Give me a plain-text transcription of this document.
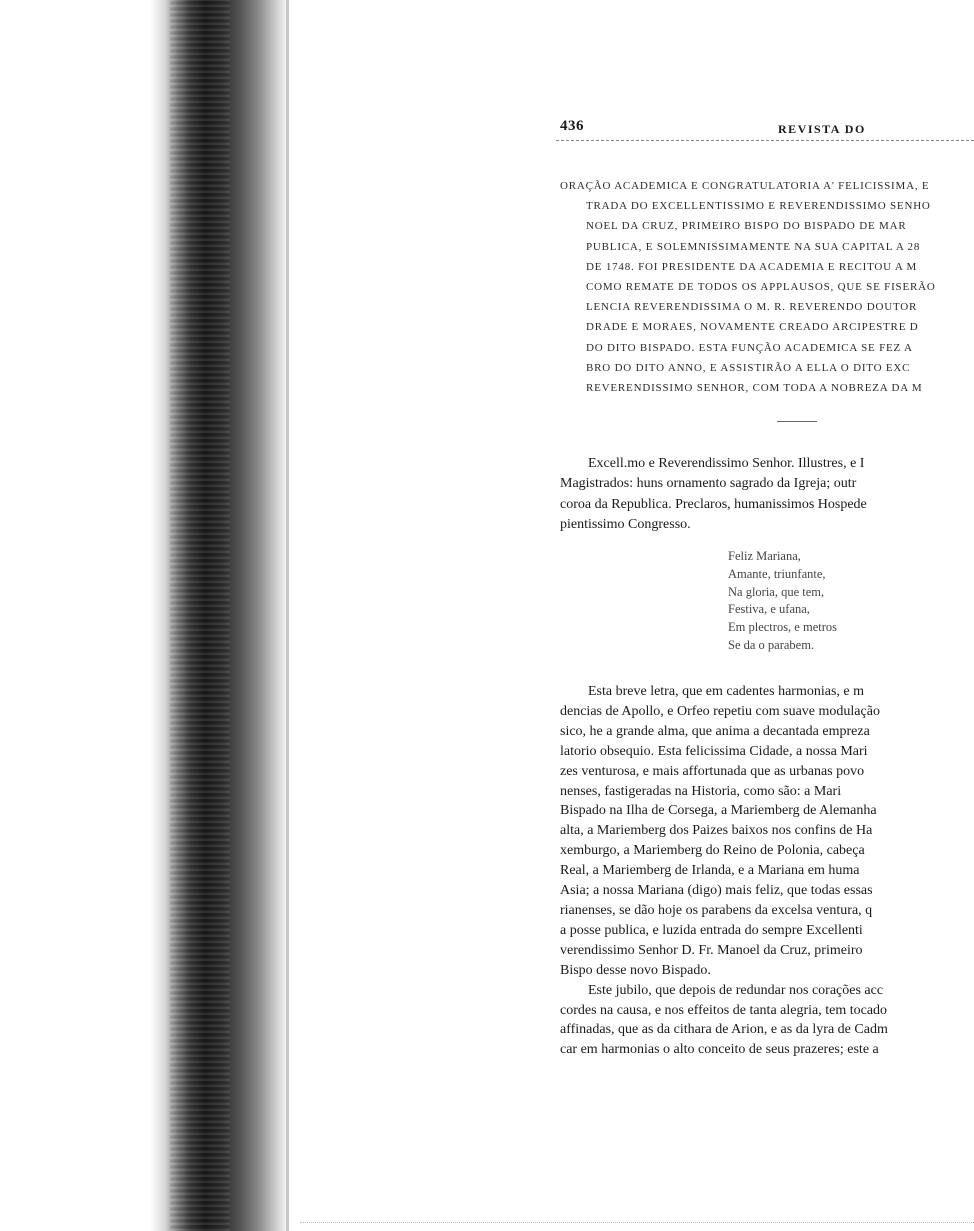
436	REVISTA DO
ORAÇÃO ACADEMICA E CONGRATULATORIA A' FELICISSIMA, E
TRADA DO EXCELLENTISSIMO E REVERENDISSIMO SENHO
NOEL DA CRUZ, PRIMEIRO BISPO DO BISPADO DE MAR
PUBLICA, E SOLEMNISSIMAMENTE NA SUA CAPITAL A 28
DE 1748. FOI PRESIDENTE DA ACADEMIA E RECITOU A M
COMO REMATE DE TODOS OS APPLAUSOS, QUE SE FISERÃO
LENCIA REVERENDISSIMA O M. R. REVERENDO DOUTOR
DRADE E MORAES, NOVAMENTE CREADO ARCIPESTRE D
DO DITO BISPADO. ESTA FUNÇÃO ACADEMICA SE FEZ A
BRO DO DITO ANNO, E ASSISTIRÃO A ELLA O DITO EXC
REVERENDISSIMO SENHOR, COM TODA A NOBREZA DA M
Excell.mo e Reverendissimo Senhor. Illustres, e I
Magistrados: huns ornamento sagrado da Igreja; outr
coroa da Republica. Preclaros, humanissimos Hospede
pientissimo Congresso.
Feliz Mariana,
Amante, triunfante,
Na gloria, que tem,
Festiva, e ufana,
Em plectros, e metros
Se da o parabem.
Esta breve letra, que em cadentes harmonias, e m
dencias de Apollo, e Orfeo repetiu com suave modulação
sico, he a grande alma, que anima a decantada empreza
latorio obsequio. Esta felicissima Cidade, a nossa Mari
zes venturosa, e mais affortunada que as urbanas povo
nenses, fastigeradas na Historia, como são: a Mari
Bispado na Ilha de Corsega, a Mariemberg de Alemanha
alta, a Mariemberg dos Paizes baixos nos confins de Ha
xemburgo, a Mariemberg do Reino de Polonia, cabeça
Real, a Mariemberg de Irlanda, e a Mariana em huma
Asia; a nossa Mariana (digo) mais feliz, que todas essas
rianenses, se dão hoje os parabens da excelsa ventura, q
a posse publica, e luzida entrada do sempre Excellenti
verendissimo Senhor D. Fr. Manoel da Cruz, primeiro
Bispo desse novo Bispado.
Este jubilo, que depois de redundar nos corações acc
cordes na causa, e nos effeitos de tanta alegria, tem tocado
affinadas, que as da cithara de Arion, e as da lyra de Cadm
car em harmonias o alto conceito de seus prazeres; este a
